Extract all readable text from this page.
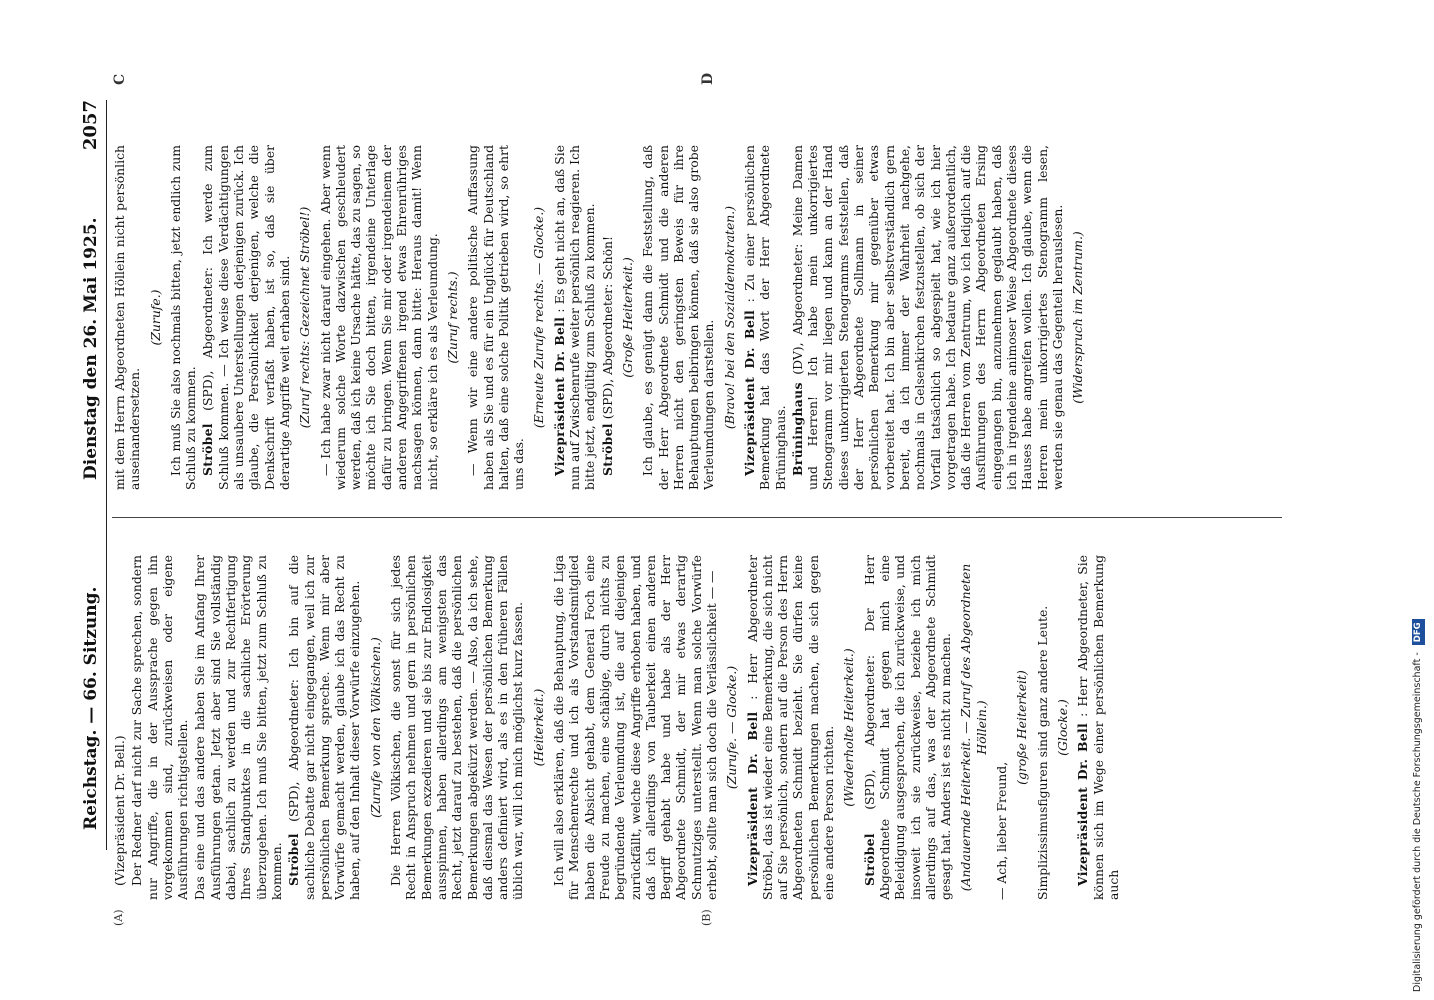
Reichstag. — 66. Sitzung.
Dienstag den 26. Mai 1925.
2057
(A)	(B)
C	D

(Vizepräsident Dr. Bell.) Der Redner darf nicht zur Sache sprechen, sondern nur Angriffe, die in der Aussprache gegen ihn vorgekommen sind, zurückweisen oder eigene Ausführungen richtigstellen. Das eine und das andere haben Sie im Anfang Ihrer Ausführungen getan. Jetzt aber sind Sie vollständig dabei, sachlich zu werden und zur Rechtfertigung Ihres Standpunktes in die sachliche Erörterung überzugehen. Ich muß Sie bitten, jetzt zum Schluß zu kommen. Ströbel (SPD), Abgeordneter: Ich bin auf die sachliche Debatte gar nicht eingegangen, weil ich zur persönlichen Bemerkung spreche. Wenn mir aber Vorwürfe gemacht werden, glaube ich das Recht zu haben, auf den Inhalt dieser Vorwürfe einzugehen. (Zurufe von den Völkischen.) Die Herren Völkischen, die sonst für sich jedes Recht in Anspruch nehmen und gern in persönlichen Bemerkungen exzedieren und sie bis zur Endlosigkeit ausspinnen, haben allerdings am wenigsten das Recht, jetzt darauf zu bestehen, daß die persönlichen Bemerkungen abgekürzt werden. — Also, da ich sehe, daß diesmal das Wesen der persönlichen Bemerkung anders definiert wird, als es in den früheren Fällen üblich war, will ich mich möglichst kurz fassen. (Heiterkeit.) Ich will also erklären, daß die Behauptung, die Liga für Menschenrechte und ich als Vorstandsmitglied haben die Absicht gehabt, dem General Foch eine Freude zu machen, eine schäbige, durch nichts zu begründende Verleumdung ist, die auf diejenigen zurückfällt, welche diese Angriffe erhoben haben, und daß ich allerdings von Tauberkeit einen anderen Begriff gehabt habe und habe als der Herr Abgeordnete Schmidt, der mir etwas derartig Schmutziges unterstellt. Wenn man solche Vorwürfe erhebt, sollte man sich doch die Verlässlichkeit — — (Zurufe. — Glocke.) Vizepräsident Dr. Bell : Herr Abgeordneter Ströbel, das ist wieder eine Bemerkung, die sich nicht auf Sie persönlich, sondern auf die Person des Herrn Abgeordneten Schmidt bezieht. Sie dürfen keine persönlichen Bemerkungen machen, die sich gegen eine andere Person richten. (Wiederholte Heiterkeit.)

Ströbel (SPD), Abgeordneter: Der Herr Abgeordnete Schmidt hat gegen mich eine Beleidigung ausgesprochen, die ich zurückweise, und insoweit ich sie zurückweise, beziehe ich mich allerdings auf das, was der Abgeordnete Schmidt gesagt hat. Anders ist es nicht zu machen. (Andauernde Heiterkeit. — Zuruf des Abgeordneten Höllein.)

— Ach, lieber Freund,

(große Heiterkeit) Simplizissimusfiguren sind ganz andere Leute. (Glocke.) Vizepräsident Dr. Bell : Herr Abgeordneter, Sie können sich im Wege einer persönlichen Bemerkung auch

mit dem Herrn Abgeordneten Höllein nicht persönlich auseinandersetzen.

(Zurufe.) Ich muß Sie also nochmals bitten, jetzt endlich zum Schluß zu kommen. Ströbel (SPD), Abgeordneter: Ich werde zum Schluß kommen. — Ich weise diese Verdächtigungen als unsaubere Unterstellungen derjenigen zurück. Ich glaube, die Persönlichkeit derjenigen, welche die Denkschrift verfaßt haben, ist so, daß sie über derartige Angriffe weit erhaben sind. (Zuruf rechts: Gezeichnet Ströbel!) — Ich habe zwar nicht darauf eingehen. Aber wenn wiederum solche Worte dazwischen geschleudert werden, daß ich keine Ursache hätte, das zu sagen, so möchte ich Sie doch bitten, irgendeine Unterlage dafür zu bringen. Wenn Sie mir oder irgendeinem der anderen Angegriffenen irgend etwas Ehrenrühriges nachsagen können, dann bitte: Heraus damit! Wenn nicht, so erkläre ich es als Verleumdung. (Zuruf rechts.) — Wenn wir eine andere politische Auffassung haben als Sie und es für ein Unglück für Deutschland halten, daß eine solche Politik getrieben wird, so ehrt uns das.

(Erneute Zurufe rechts. — Glocke.) Vizepräsident Dr. Bell : Es geht nicht an, daß Sie nun auf Zwischenrufe weiter persönlich reagieren. Ich bitte jetzt, endgültig zum Schluß zu kommen. Ströbel (SPD), Abgeordneter: Schön! (Große Heiterkeit.) Ich glaube, es genügt dann die Feststellung, daß der Herr Abgeordnete Schmidt und die anderen Herren nicht den geringsten Beweis für ihre Behauptungen beibringen können, daß sie also grobe Verleumdungen darstellen. (Bravo! bei den Sozialdemokraten.) Vizepräsident Dr. Bell : Zu einer persönlichen Bemerkung hat das Wort der Herr Abgeordnete Brüninghaus. Brüninghaus (DV), Abgeordneter: Meine Damen und Herren! Ich habe mein unkorrigiertes Stenogramm vor mir liegen und kann an der Hand dieses unkorrigierten Stenogramms feststellen, daß der Herr Abgeordnete Sollmann in seiner persönlichen Bemerkung mir gegenüber etwas vorbereitet hat. Ich bin aber selbstverständlich gern bereit, da ich immer der Wahrheit nachgehe, nochmals in Gelsenkirchen festzustellen, ob sich der Vorfall tatsächlich so abgespielt hat, wie ich hier vorgetragen habe. Ich bedaure ganz außerordentlich, daß die Herren vom Zentrum, wo ich lediglich auf die Ausführungen des Herrn Abgeordneten Ersing eingegangen bin, anzunehmen geglaubt haben, daß ich in irgendeine animoser Weise Abgeordnete dieses Hauses habe angreifen wollen. Ich glaube, wenn die Herren mein unkorrigiertes Stenogramm lesen, werden sie genau das Gegenteil herauslesen. (Widerspruch im Zentrum.)

Digitalisierung gefördert durch die Deutsche Forschungsgemeinschaft - DFG
